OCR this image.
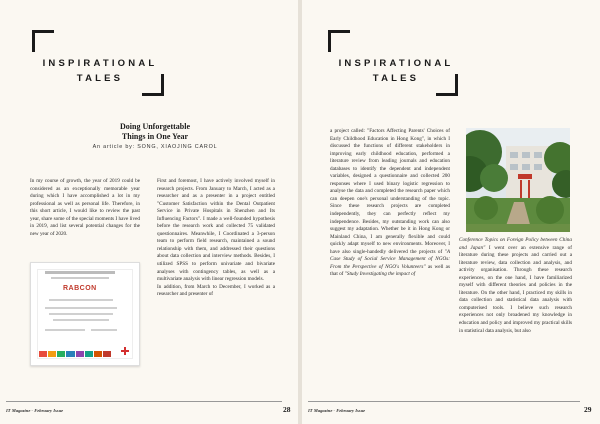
INSPIRATIONAL
TALES
Doing Unforgettable
Things in One Year
An article by: SONG, XIAOJING CAROL

In my course of growth, the year of 2019 could be considered as an exceptionally memorable year during which I have accomplished a lot in my professional as well as personal life. Therefore, in this short article, I would like to review the past year, share some of the special moments I have lived in 2019, and list several potential changes for the new year of 2020.

RABCON

First and foremost, I have actively involved myself in research projects. From January to March, I acted as a researcher and as a presenter in a project entitled "Customer Satisfaction within the Dental Outpatient Service in Private Hospitals in Shenzhen and Its Influencing Factors". I made a well-founded hypothesis before the research work and collected 75 validated questionnaires. Meanwhile, I Coordinated a 3-person team to perform field research, maintained a sound relationship with them, and addressed their questions about data collection and interview methods. Besides, I utilized SPSS to perform univariate and bivariate analyses with contingency tables, as well as a multivariate analysis with linear regression models.

In addition, from March to December, I worked as a researcher and presenter of

IT Magazine - February Issue	28
INSPIRATIONAL
TALES

a project called: "Factors Affecting Parents' Choices of Early Childhood Education in Hong Kong", in which I discussed the functions of different stakeholders in improving early childhood education, performed a literature review from leading journals and education databases to identify the dependent and independent variables, designed a questionnaire and collected 200 responses where I used binary logistic regression to analyse the data and completed the research paper which can deepen one's personal understanding of the topic. Since these research projects are completed independently, they can perfectly reflect my independence. Besides, my outstanding work can also suggest my adaptation. Whether be it in Hong Kong or Mainland China, I am generally flexible and could quickly adapt myself to new environments. Moreover, I have also single-handedly delivered the projects of "A Case Study of Social Service Management of NGOs: From the Perspective of NGO's Volunteers" as well as that of "Study Investigating the impact of

Conference Topics on Foreign Policy between China and Japan" I went over an extensive range of literature during these projects and carried out a literature review, data collection and analysis, and activity organisation. Through these research experiences, on the one hand, I have familiarized myself with different theories and policies in the literature. On the other hand, I practiced my skills in data collection and statistical data analysis with computerised tools. I believe such research experiences not only broadened my knowledge in education and policy and improved my practical skills in statistical data analysis, but also

IT Magazine - February Issue	29
